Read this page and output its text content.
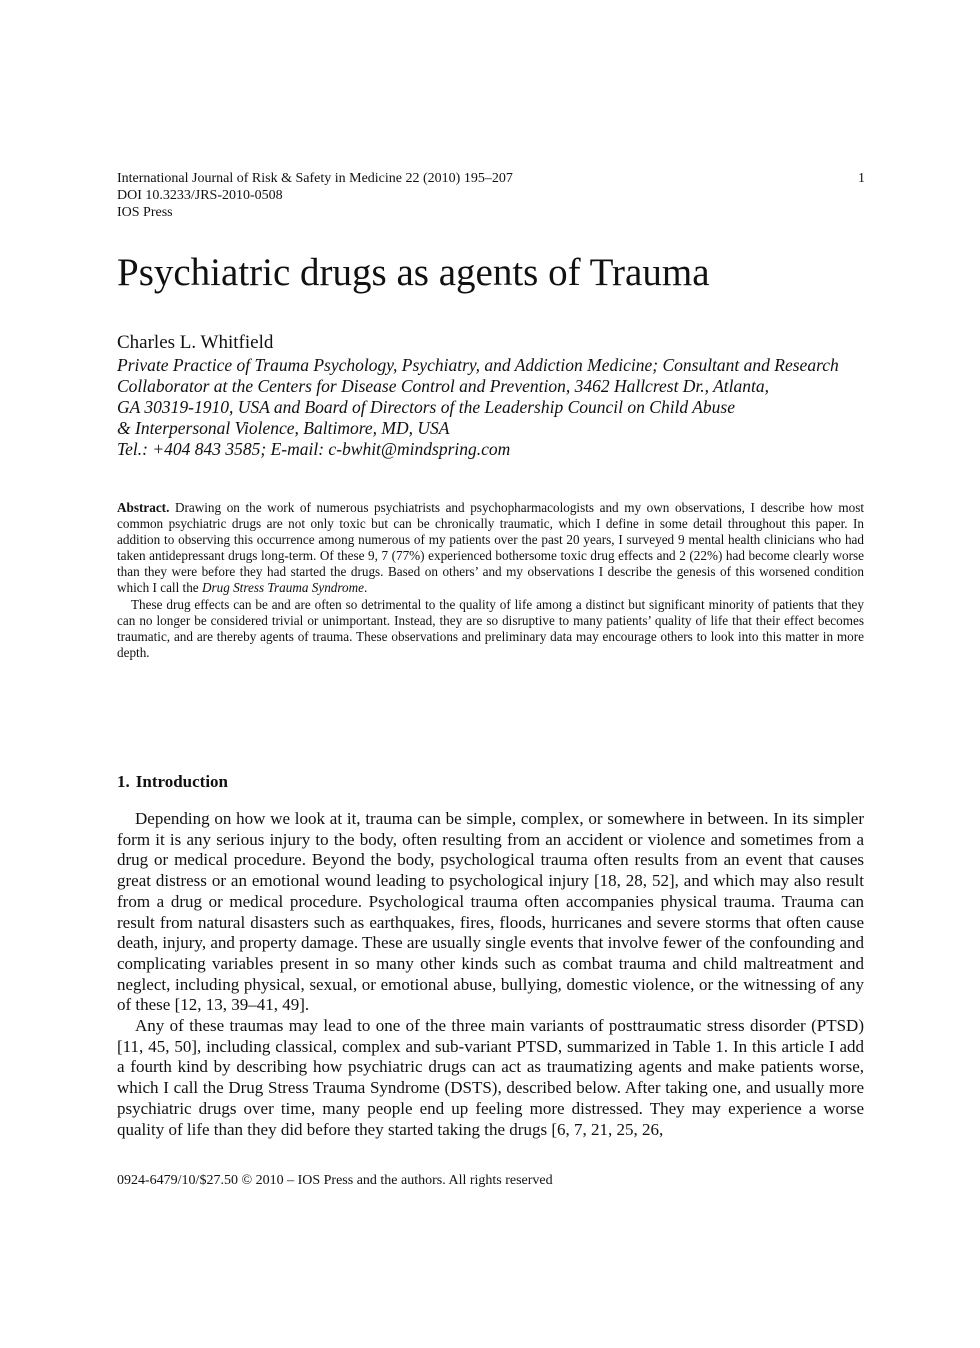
International Journal of Risk & Safety in Medicine 22 (2010) 195–207
DOI 10.3233/JRS-2010-0508
IOS Press
1
Psychiatric drugs as agents of Trauma
Charles L. Whitfield
Private Practice of Trauma Psychology, Psychiatry, and Addiction Medicine; Consultant and Research
Collaborator at the Centers for Disease Control and Prevention, 3462 Hallcrest Dr., Atlanta,
GA 30319-1910, USA and Board of Directors of the Leadership Council on Child Abuse
& Interpersonal Violence, Baltimore, MD, USA
Tel.: +404 843 3585; E-mail: c-bwhit@mindspring.com

Abstract. Drawing on the work of numerous psychiatrists and psychopharmacologists and my own observations, I describe how most common psychiatric drugs are not only toxic but can be chronically traumatic, which I define in some detail throughout this paper. In addition to observing this occurrence among numerous of my patients over the past 20 years, I surveyed 9 mental health clinicians who had taken antidepressant drugs long-term. Of these 9, 7 (77%) experienced bothersome toxic drug effects and 2 (22%) had become clearly worse than they were before they had started the drugs. Based on others’ and my observations I describe the genesis of this worsened condition which I call the Drug Stress Trauma Syndrome.

These drug effects can be and are often so detrimental to the quality of life among a distinct but significant minority of patients that they can no longer be considered trivial or unimportant. Instead, they are so disruptive to many patients’ quality of life that their effect becomes traumatic, and are thereby agents of trauma. These observations and preliminary data may encourage others to look into this matter in more depth.

1. Introduction

Depending on how we look at it, trauma can be simple, complex, or somewhere in between. In its simpler form it is any serious injury to the body, often resulting from an accident or violence and sometimes from a drug or medical procedure. Beyond the body, psychological trauma often results from an event that causes great distress or an emotional wound leading to psychological injury [18, 28, 52], and which may also result from a drug or medical procedure. Psychological trauma often accompanies physical trauma. Trauma can result from natural disasters such as earthquakes, fires, floods, hurricanes and severe storms that often cause death, injury, and property damage. These are usually single events that involve fewer of the confounding and complicating variables present in so many other kinds such as combat trauma and child maltreatment and neglect, including physical, sexual, or emotional abuse, bullying, domestic violence, or the witnessing of any of these [12, 13, 39–41, 49].

Any of these traumas may lead to one of the three main variants of posttraumatic stress disorder (PTSD) [11, 45, 50], including classical, complex and sub-variant PTSD, summarized in Table 1. In this article I add a fourth kind by describing how psychiatric drugs can act as traumatizing agents and make patients worse, which I call the Drug Stress Trauma Syndrome (DSTS), described below. After taking one, and usually more psychiatric drugs over time, many people end up feeling more distressed. They may experience a worse quality of life than they did before they started taking the drugs [6, 7, 21, 25, 26,

0924-6479/10/$27.50 © 2010 – IOS Press and the authors. All rights reserved
